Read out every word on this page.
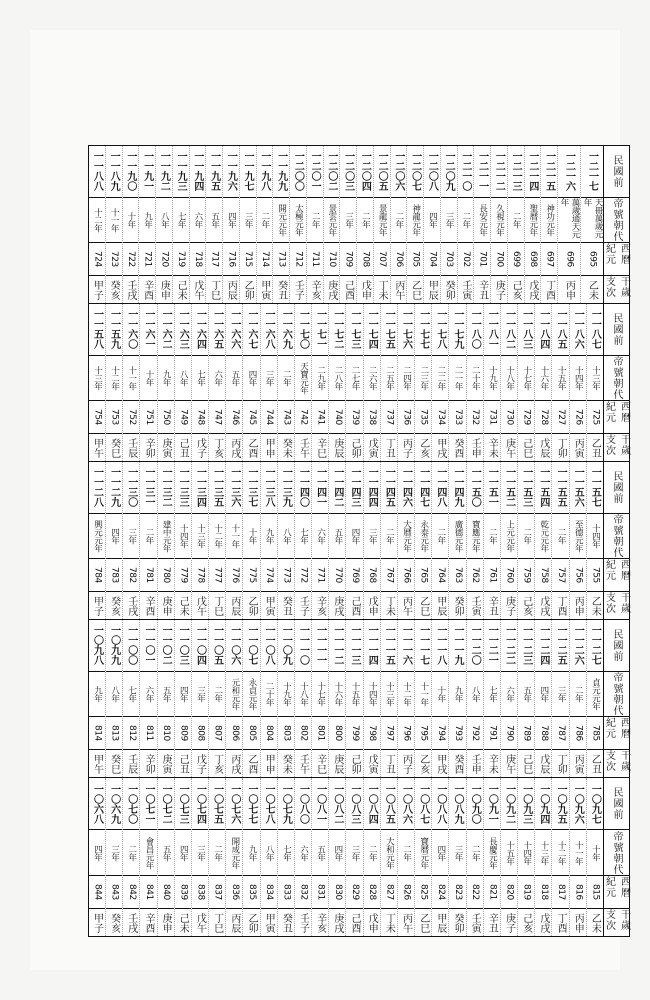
民國前
帝號朝代
西曆紀元
干歲支次
一二一七
天冊萬歲元年
695
乙未
一二一六
萬歲通天元年
696
丙申
一二一五
神功元年
697
丁酉
一二一四
聖曆元年
698
戊戌
一二一三
二年
699
己亥
一二一二
久視元年
700
庚子
一二一一
長安元年
701
辛丑
一二一〇
二年
702
壬寅
一二〇九
三年
703
癸卯
一二〇八
四年
704
甲辰
一二〇七
神龍元年
705
乙巳
一二〇六
二年
706
丙午
一二〇五
景龍元年
707
丁未
一二〇四
二年
708
戊申
一二〇三
三年
709
己酉
一二〇二
景雲元年
710
庚戌
一二〇一
二年
711
辛亥
一二〇〇
太極元年
712
壬子
一一九九
開元元年
713
癸丑
一一九八
二年
714
甲寅
一一九七
三年
715
乙卯
一一九六
四年
716
丙辰
一一九五
五年
717
丁巳
一一九四
六年
718
戊午
一一九三
七年
719
己未
一一九二
八年
720
庚申
一一九一
九年
721
辛酉
一一九〇
十年
722
壬戌
一一八九
十一年
723
癸亥
一一八八
十二年
724
甲子
民國前
帝號朝代
西曆紀元
干歲支次
一一八七
十三年
725
乙丑
一一八六
十四年
726
丙寅
一一八五
十五年
727
丁卯
一一八四
十六年
728
戊辰
一一八三
十七年
729
己巳
一一八二
十八年
730
庚午
一一八一
十九年
731
辛未
一一八〇
二十年
732
壬申
一一七九
二一年
733
癸酉
一一七八
二二年
734
甲戌
一一七七
二三年
735
乙亥
一一七六
二四年
736
丙子
一一七五
二五年
737
丁丑
一一七四
二六年
738
戊寅
一一七三
二七年
739
己卯
一一七二
二八年
740
庚辰
一一七一
二九年
741
辛巳
一一七〇
天寶元年
742
壬午
一一六九
二年
743
癸未
一一六八
三年
744
甲申
一一六七
四年
745
乙酉
一一六六
五年
746
丙戌
一一六五
六年
747
丁亥
一一六四
七年
748
戊子
一一六三
八年
749
己丑
一一六二
九年
750
庚寅
一一六一
十年
751
辛卯
一一六〇
十一年
752
壬辰
一一五九
十二年
753
癸巳
一一五八
十三年
754
甲午
民國前
帝號朝代
西曆紀元
干歲支次
一一五七
十四年
755
乙未
一一五六
至德元年
756
丙申
一一五五
二年
757
丁酉
一一五四
乾元元年
758
戊戌
一一五三
二年
759
己亥
一一五二
上元元年
760
庚子
一一五一
二年
761
辛丑
一一五〇
寶應元年
762
壬寅
一一四九
廣德元年
763
癸卯
一一四八
二年
764
甲辰
一一四七
永泰元年
765
乙巳
一一四六
大曆元年
766
丙午
一一四五
二年
767
丁未
一一四四
三年
768
戊申
一一四三
四年
769
己酉
一一四二
五年
770
庚戌
一一四一
六年
771
辛亥
一一四〇
七年
772
壬子
一一三九
八年
773
癸丑
一一三八
九年
774
甲寅
一一三七
十年
775
乙卯
一一三六
十一年
776
丙辰
一一三五
十二年
777
丁巳
一一三四
十三年
778
戊午
一一三三
十四年
779
己未
一一三二
建中元年
780
庚申
一一三一
二年
781
辛酉
一一三〇
三年
782
壬戌
一一二九
四年
783
癸亥
一一二八
興元元年
784
甲子
民國前
帝號朝代
西曆紀元
干歲支次
一一二七
貞元元年
785
乙丑
一一二六
二年
786
丙寅
一一二五
三年
787
丁卯
一一二四
四年
788
戊辰
一一二三
五年
789
己巳
一一二二
六年
790
庚午
一一二一
七年
791
辛未
一一二〇
八年
792
壬申
一一一九
九年
793
癸酉
一一一八
十年
794
甲戌
一一一七
十一年
795
乙亥
一一一六
十二年
796
丙子
一一一五
十三年
797
丁丑
一一一四
十四年
798
戊寅
一一一三
十五年
799
己卯
一一一二
十六年
800
庚辰
一一一一
十七年
801
辛巳
一一一〇
十八年
802
壬午
一一〇九
十九年
803
癸未
一一〇八
二十年
804
甲申
一一〇七
永貞元年
805
乙酉
一一〇六
元和元年
806
丙戌
一一〇五
二年
807
丁亥
一一〇四
三年
808
戊子
一一〇三
四年
809
己丑
一一〇二
五年
810
庚寅
一一〇一
六年
811
辛卯
一一〇〇
七年
812
壬辰
一〇九九
八年
813
癸巳
一〇九八
九年
814
甲午
民國前
帝號朝代
西曆紀元
干歲支次
一〇九七
十年
815
乙未
一〇九六
十一年
816
丙申
一〇九五
十二年
817
丁酉
一〇九四
十三年
818
戊戌
一〇九三
十四年
819
己亥
一〇九二
十五年
820
庚子
一〇九一
長慶元年
821
辛丑
一〇九〇
二年
822
壬寅
一〇八九
三年
823
癸卯
一〇八八
四年
824
甲辰
一〇八七
寶曆元年
825
乙巳
一〇八六
二年
826
丙午
一〇八五
大和元年
827
丁未
一〇八四
二年
828
戊申
一〇八三
三年
829
己酉
一〇八二
四年
830
庚戌
一〇八一
五年
831
辛亥
一〇八〇
六年
832
壬子
一〇七九
七年
833
癸丑
一〇七八
八年
834
甲寅
一〇七七
九年
835
乙卯
一〇七六
開成元年
836
丙辰
一〇七五
二年
837
丁巳
一〇七四
三年
838
戊午
一〇七三
四年
839
己未
一〇七二
五年
840
庚申
一〇七一
會昌元年
841
辛酉
一〇七〇
二年
842
壬戌
一〇六九
三年
843
癸亥
一〇六八
四年
844
甲子
